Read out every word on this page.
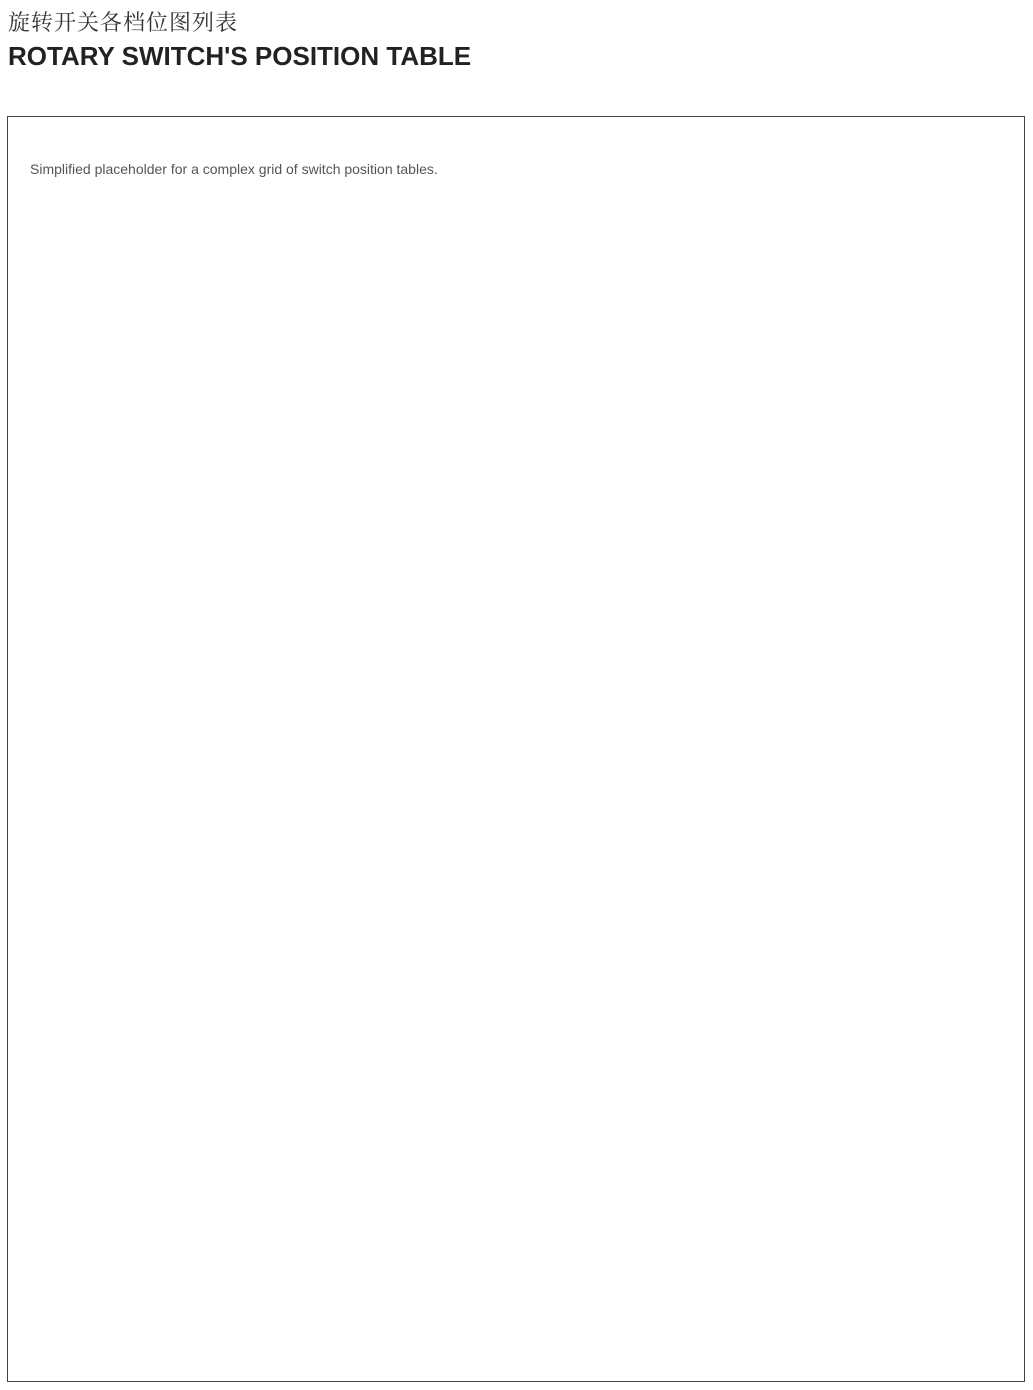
旋转开关各档位图列表
ROTARY SWITCH'S POSITION TABLE
Simplified placeholder for a complex grid of switch position tables.
